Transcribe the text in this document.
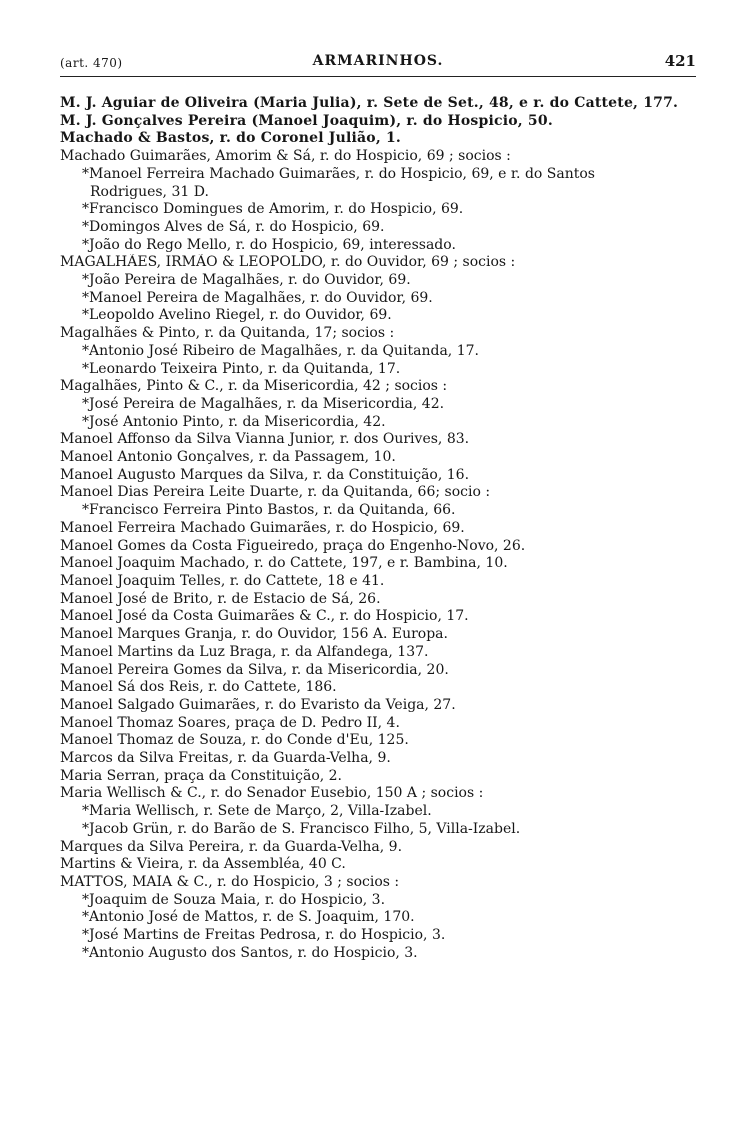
(art. 470)	ARMARINHOS.	421
M. J. Aguiar de Oliveira (Maria Julia), r. Sete de Set., 48, e r. do Cattete, 177.
M. J. Gonçalves Pereira (Manoel Joaquim), r. do Hospicio, 50.
Machado & Bastos, r. do Coronel Julião, 1.
Machado Guimarães, Amorim & Sá, r. do Hospicio, 69 ; socios :
*Manoel Ferreira Machado Guimarães, r. do Hospicio, 69, e r. do Santos
Rodrigues, 31 D.
*Francisco Domingues de Amorim, r. do Hospicio, 69.
*Domingos Alves de Sá, r. do Hospicio, 69.
*João do Rego Mello, r. do Hospicio, 69, interessado.
MAGALHÃES, IRMÃO & LEOPOLDO, r. do Ouvidor, 69 ; socios :
*João Pereira de Magalhães, r. do Ouvidor, 69.
*Manoel Pereira de Magalhães, r. do Ouvidor, 69.
*Leopoldo Avelino Riegel, r. do Ouvidor, 69.
Magalhães & Pinto, r. da Quitanda, 17; socios :
*Antonio José Ribeiro de Magalhães, r. da Quitanda, 17.
*Leonardo Teixeira Pinto, r. da Quitanda, 17.
Magalhães, Pinto & C., r. da Misericordia, 42 ; socios :
*José Pereira de Magalhães, r. da Misericordia, 42.
*José Antonio Pinto, r. da Misericordia, 42.
Manoel Affonso da Silva Vianna Junior, r. dos Ourives, 83.
Manoel Antonio Gonçalves, r. da Passagem, 10.
Manoel Augusto Marques da Silva, r. da Constituição, 16.
Manoel Dias Pereira Leite Duarte, r. da Quitanda, 66; socio :
*Francisco Ferreira Pinto Bastos, r. da Quitanda, 66.
Manoel Ferreira Machado Guimarães, r. do Hospicio, 69.
Manoel Gomes da Costa Figueiredo, praça do Engenho-Novo, 26.
Manoel Joaquim Machado, r. do Cattete, 197, e r. Bambina, 10.
Manoel Joaquim Telles, r. do Cattete, 18 e 41.
Manoel José de Brito, r. de Estacio de Sá, 26.
Manoel José da Costa Guimarães & C., r. do Hospicio, 17.
Manoel Marques Granja, r. do Ouvidor, 156 A. Europa.
Manoel Martins da Luz Braga, r. da Alfandega, 137.
Manoel Pereira Gomes da Silva, r. da Misericordia, 20.
Manoel Sá dos Reis, r. do Cattete, 186.
Manoel Salgado Guimarães, r. do Evaristo da Veiga, 27.
Manoel Thomaz Soares, praça de D. Pedro II, 4.
Manoel Thomaz de Souza, r. do Conde d'Eu, 125.
Marcos da Silva Freitas, r. da Guarda-Velha, 9.
Maria Serran, praça da Constituição, 2.
Maria Wellisch & C., r. do Senador Eusebio, 150 A ; socios :
*Maria Wellisch, r. Sete de Março, 2, Villa-Izabel.
*Jacob Grün, r. do Barão de S. Francisco Filho, 5, Villa-Izabel.
Marques da Silva Pereira, r. da Guarda-Velha, 9.
Martins & Vieira, r. da Assembléa, 40 C.
MATTOS, MAIA & C., r. do Hospicio, 3 ; socios :
*Joaquim de Souza Maia, r. do Hospicio, 3.
*Antonio José de Mattos, r. de S. Joaquim, 170.
*José Martins de Freitas Pedrosa, r. do Hospicio, 3.
*Antonio Augusto dos Santos, r. do Hospicio, 3.
